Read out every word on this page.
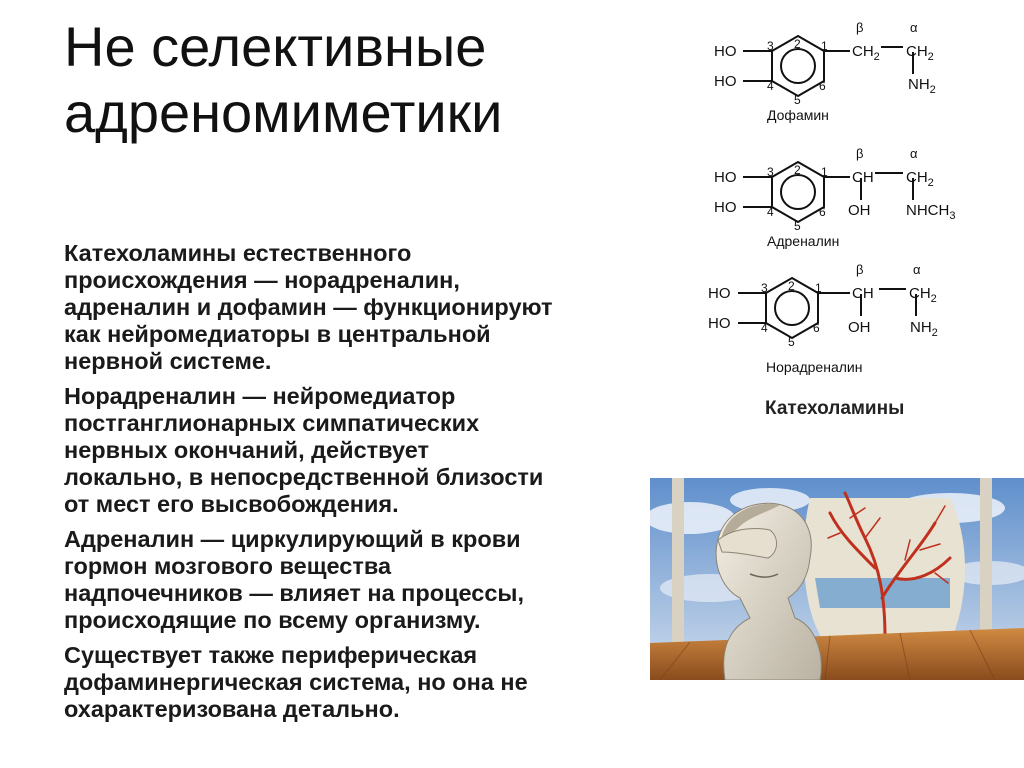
Не селективные
адреномиметики
Катехоламины естественного
происхождения — норадреналин,
адреналин и дофамин — функционируют
как нейромедиаторы в центральной
нервной системе.
Норадреналин — нейромедиатор
постганглионарных симпатических
нервных окончаний, действует
локально, в непосредственной близости
от мест его высвобождения.
Адреналин — циркулирующий в крови
гормон мозгового вещества
надпочечников — влияет на процессы,
происходящие по всему организму.
Существует также периферическая
дофаминергическая система, но она не
охарактеризована детально.
HO
HO
1
2
3
4
5
6
β	α
$CH_2$ $CH_2$
$NH_2$
Дофамин
HO
HO
1
2
3
4
5
6
β	α
CH $CH_2$
OH $NHCH_3$
Адреналин
HO
HO
1
2
3
4
5
6
β	α
CH $CH_2$
OH	$NH_2$
Норадреналин
Катехоламины
